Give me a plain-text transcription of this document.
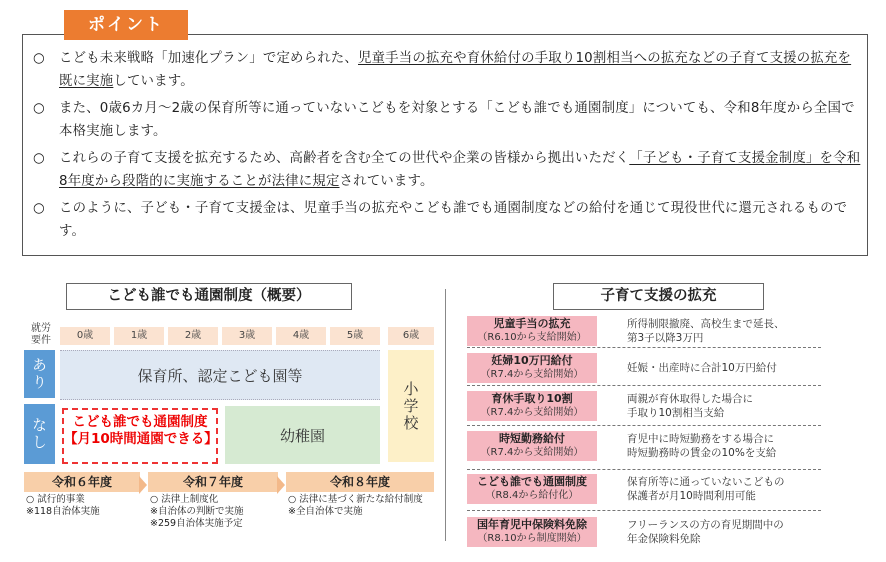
ポイント
○ こども未来戦略「加速化プラン」で定められた、児童手当の拡充や育休給付の手取り10割相当への拡充などの子育て支援の拡充を既に実施しています。
○ また、0歳6カ月～2歳の保育所等に通っていないこどもを対象とする「こども誰でも通園制度」についても、令和8年度から全国で本格実施します。
○ これらの子育て支援を拡充するため、高齢者を含む全ての世代や企業の皆様から拠出いただく「子ども・子育て支援金制度」を令和8年度から段階的に実施することが法律に規定されています。
○ このように、子ども・子育て支援金は、児童手当の拡充やこども誰でも通園制度などの給付を通じて現役世代に還元されるものです。
こども誰でも通園制度（概要）
就労
要件	0歳	1歳	2歳	3歳	4歳	5歳	6歳
あり
なし
保育所、認定こども園等
こども誰でも通園制度
【月10時間通園できる】	幼稚園
小学校
令和６年度
○ 試行的事業
※118自治体実施
令和７年度
○ 法律上制度化
※自治体の判断で実施
※259自治体実施予定
令和８年度
○ 法律に基づく新たな給付制度
※全自治体で実施
子育て支援の拡充
児童手当の拡充
（R6.10から支給開始）
所得制限撤廃、高校生まで延長、
第3子以降3万円
妊婦10万円給付
（R7.4から支給開始）
妊娠・出産時に合計10万円給付
育休手取り10割
（R7.4から支給開始）
両親が育休取得した場合に
手取り10割相当支給
時短勤務給付
（R7.4から支給開始）
育児中に時短勤務をする場合に
時短勤務時の賃金の10%を支給
こども誰でも通園制度
（R8.4から給付化）
保育所等に通っていないこどもの
保護者が月10時間利用可能
国年育児中保険料免除
（R8.10から制度開始）
フリーランスの方の育児期間中の
年金保険料免除
